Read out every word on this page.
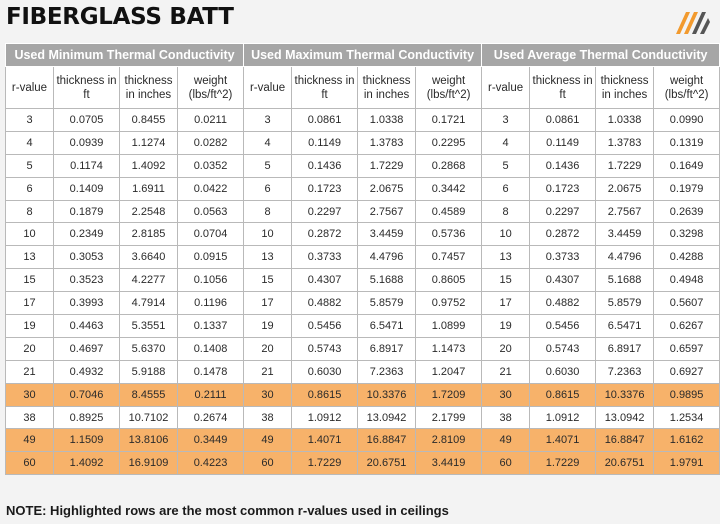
FIBERGLASS BATT
Used Minimum Thermal Conductivity				Used Maximum Thermal Conductivity				Used Average Thermal Conductivity			
r-value	thickness in ft	thickness in inches	weight (lbs/ft^2)	r-value	thickness in ft	thickness in inches	weight (lbs/ft^2)	r-value	thickness in ft	thickness in inches	weight (lbs/ft^2)
3	0.0705	0.8455	0.0211	3	0.0861	1.0338	0.1721	3	0.0861	1.0338	0.0990
4	0.0939	1.1274	0.0282	4	0.1149	1.3783	0.2295	4	0.1149	1.3783	0.1319
5	0.1174	1.4092	0.0352	5	0.1436	1.7229	0.2868	5	0.1436	1.7229	0.1649
6	0.1409	1.6911	0.0422	6	0.1723	2.0675	0.3442	6	0.1723	2.0675	0.1979
8	0.1879	2.2548	0.0563	8	0.2297	2.7567	0.4589	8	0.2297	2.7567	0.2639
10	0.2349	2.8185	0.0704	10	0.2872	3.4459	0.5736	10	0.2872	3.4459	0.3298
13	0.3053	3.6640	0.0915	13	0.3733	4.4796	0.7457	13	0.3733	4.4796	0.4288
15	0.3523	4.2277	0.1056	15	0.4307	5.1688	0.8605	15	0.4307	5.1688	0.4948
17	0.3993	4.7914	0.1196	17	0.4882	5.8579	0.9752	17	0.4882	5.8579	0.5607
19	0.4463	5.3551	0.1337	19	0.5456	6.5471	1.0899	19	0.5456	6.5471	0.6267
20	0.4697	5.6370	0.1408	20	0.5743	6.8917	1.1473	20	0.5743	6.8917	0.6597
21	0.4932	5.9188	0.1478	21	0.6030	7.2363	1.2047	21	0.6030	7.2363	0.6927
30	0.7046	8.4555	0.2111	30	0.8615	10.3376	1.7209	30	0.8615	10.3376	0.9895
38	0.8925	10.7102	0.2674	38	1.0912	13.0942	2.1799	38	1.0912	13.0942	1.2534
49	1.1509	13.8106	0.3449	49	1.4071	16.8847	2.8109	49	1.4071	16.8847	1.6162
60	1.4092	16.9109	0.4223	60	1.7229	20.6751	3.4419	60	1.7229	20.6751	1.9791
NOTE: Highlighted rows are the most common r-values used in ceilings
